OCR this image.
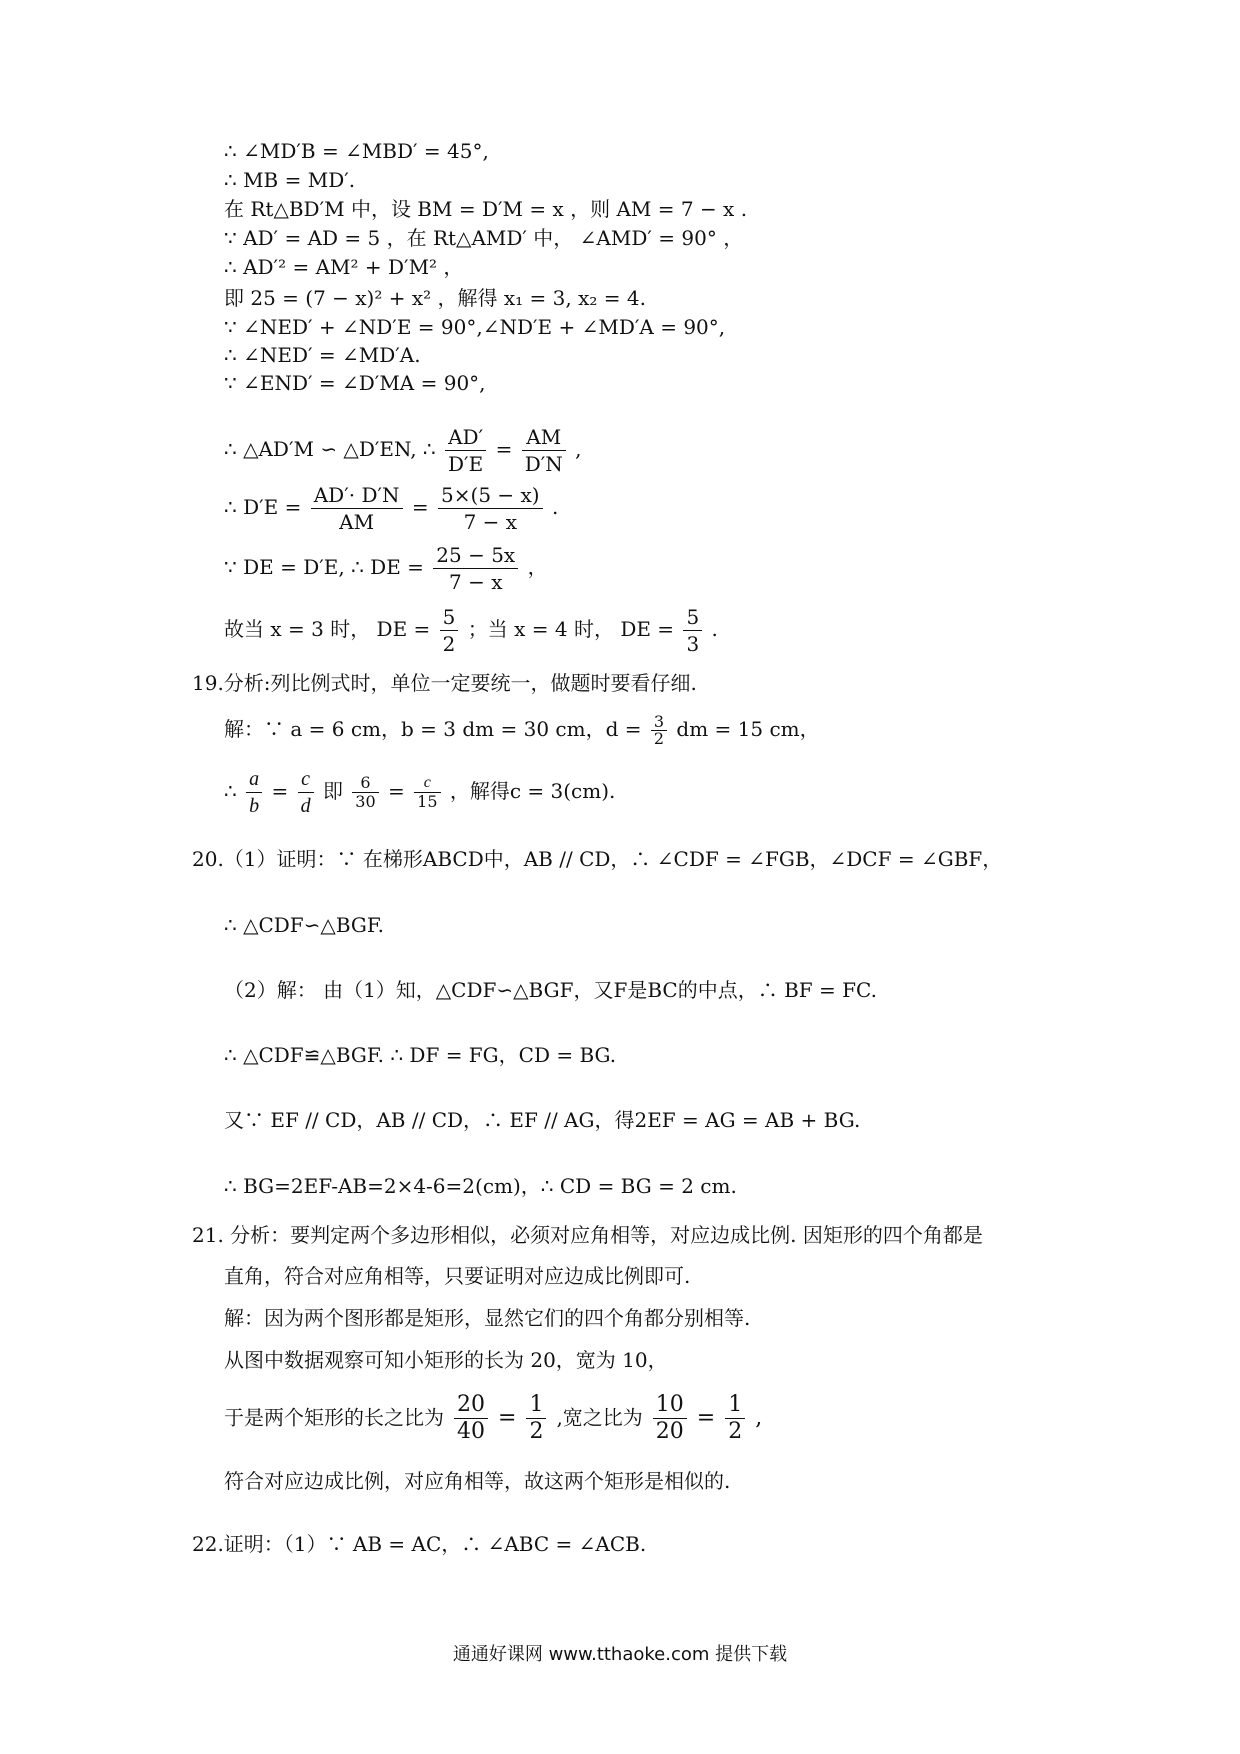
∴ ∠MD′B = ∠MBD′ = 45°,
∴ MB = MD′.
在 Rt△BD′M 中，设 BM = D′M = x ，则 AM = 7 − x .
∵ AD′ = AD = 5 ，在 Rt△AMD′ 中， ∠AMD′ = 90° ，
∴ AD′² = AM² + D′M² ，
即 25 = (7 − x)² + x² ，解得 x₁ = 3, x₂ = 4.
∵ ∠NED′ + ∠ND′E = 90°,∠ND′E + ∠MD′A = 90°,
∴ ∠NED′ = ∠MD′A.
∵ ∠END′ = ∠D′MA = 90°,
∴ △AD′M ∽ △D′EN, ∴ $\frac{AD'}{D'E} = \frac{AM}{D'N}$ ,
∴ $D'E = \frac{AD'\cdot D'N}{AM} = \frac{5\times(5 - x)}{7 - x}$ .
∵ DE = D′E, ∴ DE = $\frac{25 - 5x}{7 - x}$ ，
故当 x = 3 时， DE = $\frac{5}{2}$ ；当 x = 4 时， DE = $\frac{5}{3}$ .
19.分析:列比例式时，单位一定要统一，做题时要看仔细.
解：∵ a = 6 cm，b = 3 dm = 30 cm，$d = \frac{3}{2}$ dm = 15 cm，
∴ $\frac{a}{b} = \frac{c}{d}$ 即 $\frac{6}{30} = \frac{c}{15}$ ，解得c = 3(cm).
20.（1）证明：∵ 在梯形ABCD中，AB // CD，∴ ∠CDF = ∠FGB，∠DCF = ∠GBF，
∴ △CDF∽△BGF.
（2）解： 由（1）知，△CDF∽△BGF，又F是BC的中点，∴ BF = FC.
∴ △CDF≌△BGF. ∴ DF = FG，CD = BG.
又∵ EF // CD，AB // CD，∴ EF // AG，得2EF = AG = AB + BG.
∴ BG=2EF-AB=2×4-6=2(cm)，∴ CD = BG = 2 cm.
21. 分析：要判定两个多边形相似，必须对应角相等，对应边成比例. 因矩形的四个角都是
直角，符合对应角相等，只要证明对应边成比例即可.
解：因为两个图形都是矩形，显然它们的四个角都分别相等.
从图中数据观察可知小矩形的长为 20，宽为 10，
于是两个矩形的长之比为 $\frac{20}{40} = \frac{1}{2}$ ,宽之比为 $\frac{10}{20} = \frac{1}{2}$ ,
符合对应边成比例，对应角相等，故这两个矩形是相似的.
22.证明：（1）∵ AB = AC，∴ ∠ABC = ∠ACB.
通通好课网 www.tthaoke.com 提供下载
